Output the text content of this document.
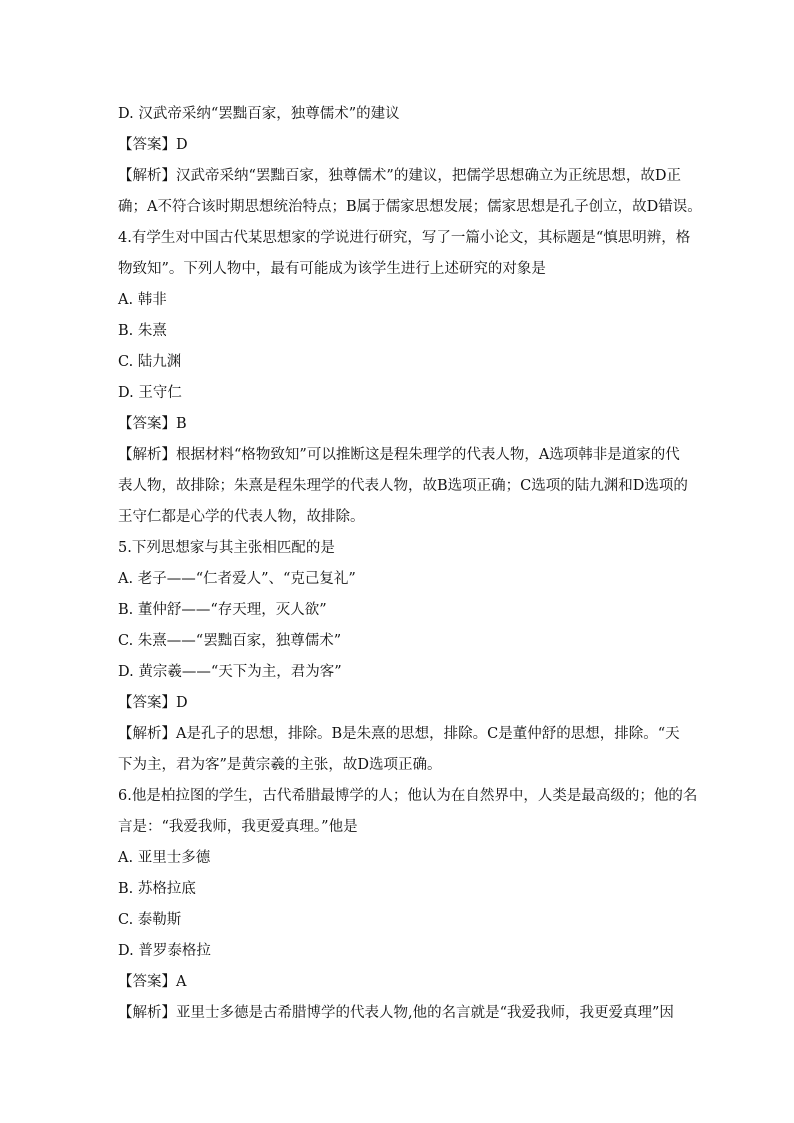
D. 汉武帝采纳“罢黜百家，独尊儒术”的建议
【答案】D
【解析】汉武帝采纳“罢黜百家，独尊儒术”的建议，把儒学思想确立为正统思想，故D正
确；A不符合该时期思想统治特点；B属于儒家思想发展；儒家思想是孔子创立，故D错误。
4.有学生对中国古代某思想家的学说进行研究，写了一篇小论文，其标题是“慎思明辨，格
物致知”。下列人物中，最有可能成为该学生进行上述研究的对象是
A. 韩非
B. 朱熹
C. 陆九渊
D. 王守仁
【答案】B
【解析】根据材料“格物致知”可以推断这是程朱理学的代表人物，A选项韩非是道家的代
表人物，故排除；朱熹是程朱理学的代表人物，故B选项正确；C选项的陆九渊和D选项的
王守仁都是心学的代表人物，故排除。
5.下列思想家与其主张相匹配的是
A. 老子——“仁者爱人”、“克己复礼”
B. 董仲舒——“存天理，灭人欲”
C. 朱熹——“罢黜百家，独尊儒术”
D. 黄宗羲——“天下为主，君为客”
【答案】D
【解析】A是孔子的思想，排除。B是朱熹的思想，排除。C是董仲舒的思想，排除。“天
下为主，君为客”是黄宗羲的主张，故D选项正确。
6.他是柏拉图的学生，古代希腊最博学的人；他认为在自然界中，人类是最高级的；他的名
言是：“我爱我师，我更爱真理。”他是
A. 亚里士多德
B. 苏格拉底
C. 泰勒斯
D. 普罗泰格拉
【答案】A
【解析】亚里士多德是古希腊博学的代表人物,他的名言就是“我爱我师，我更爱真理”因
